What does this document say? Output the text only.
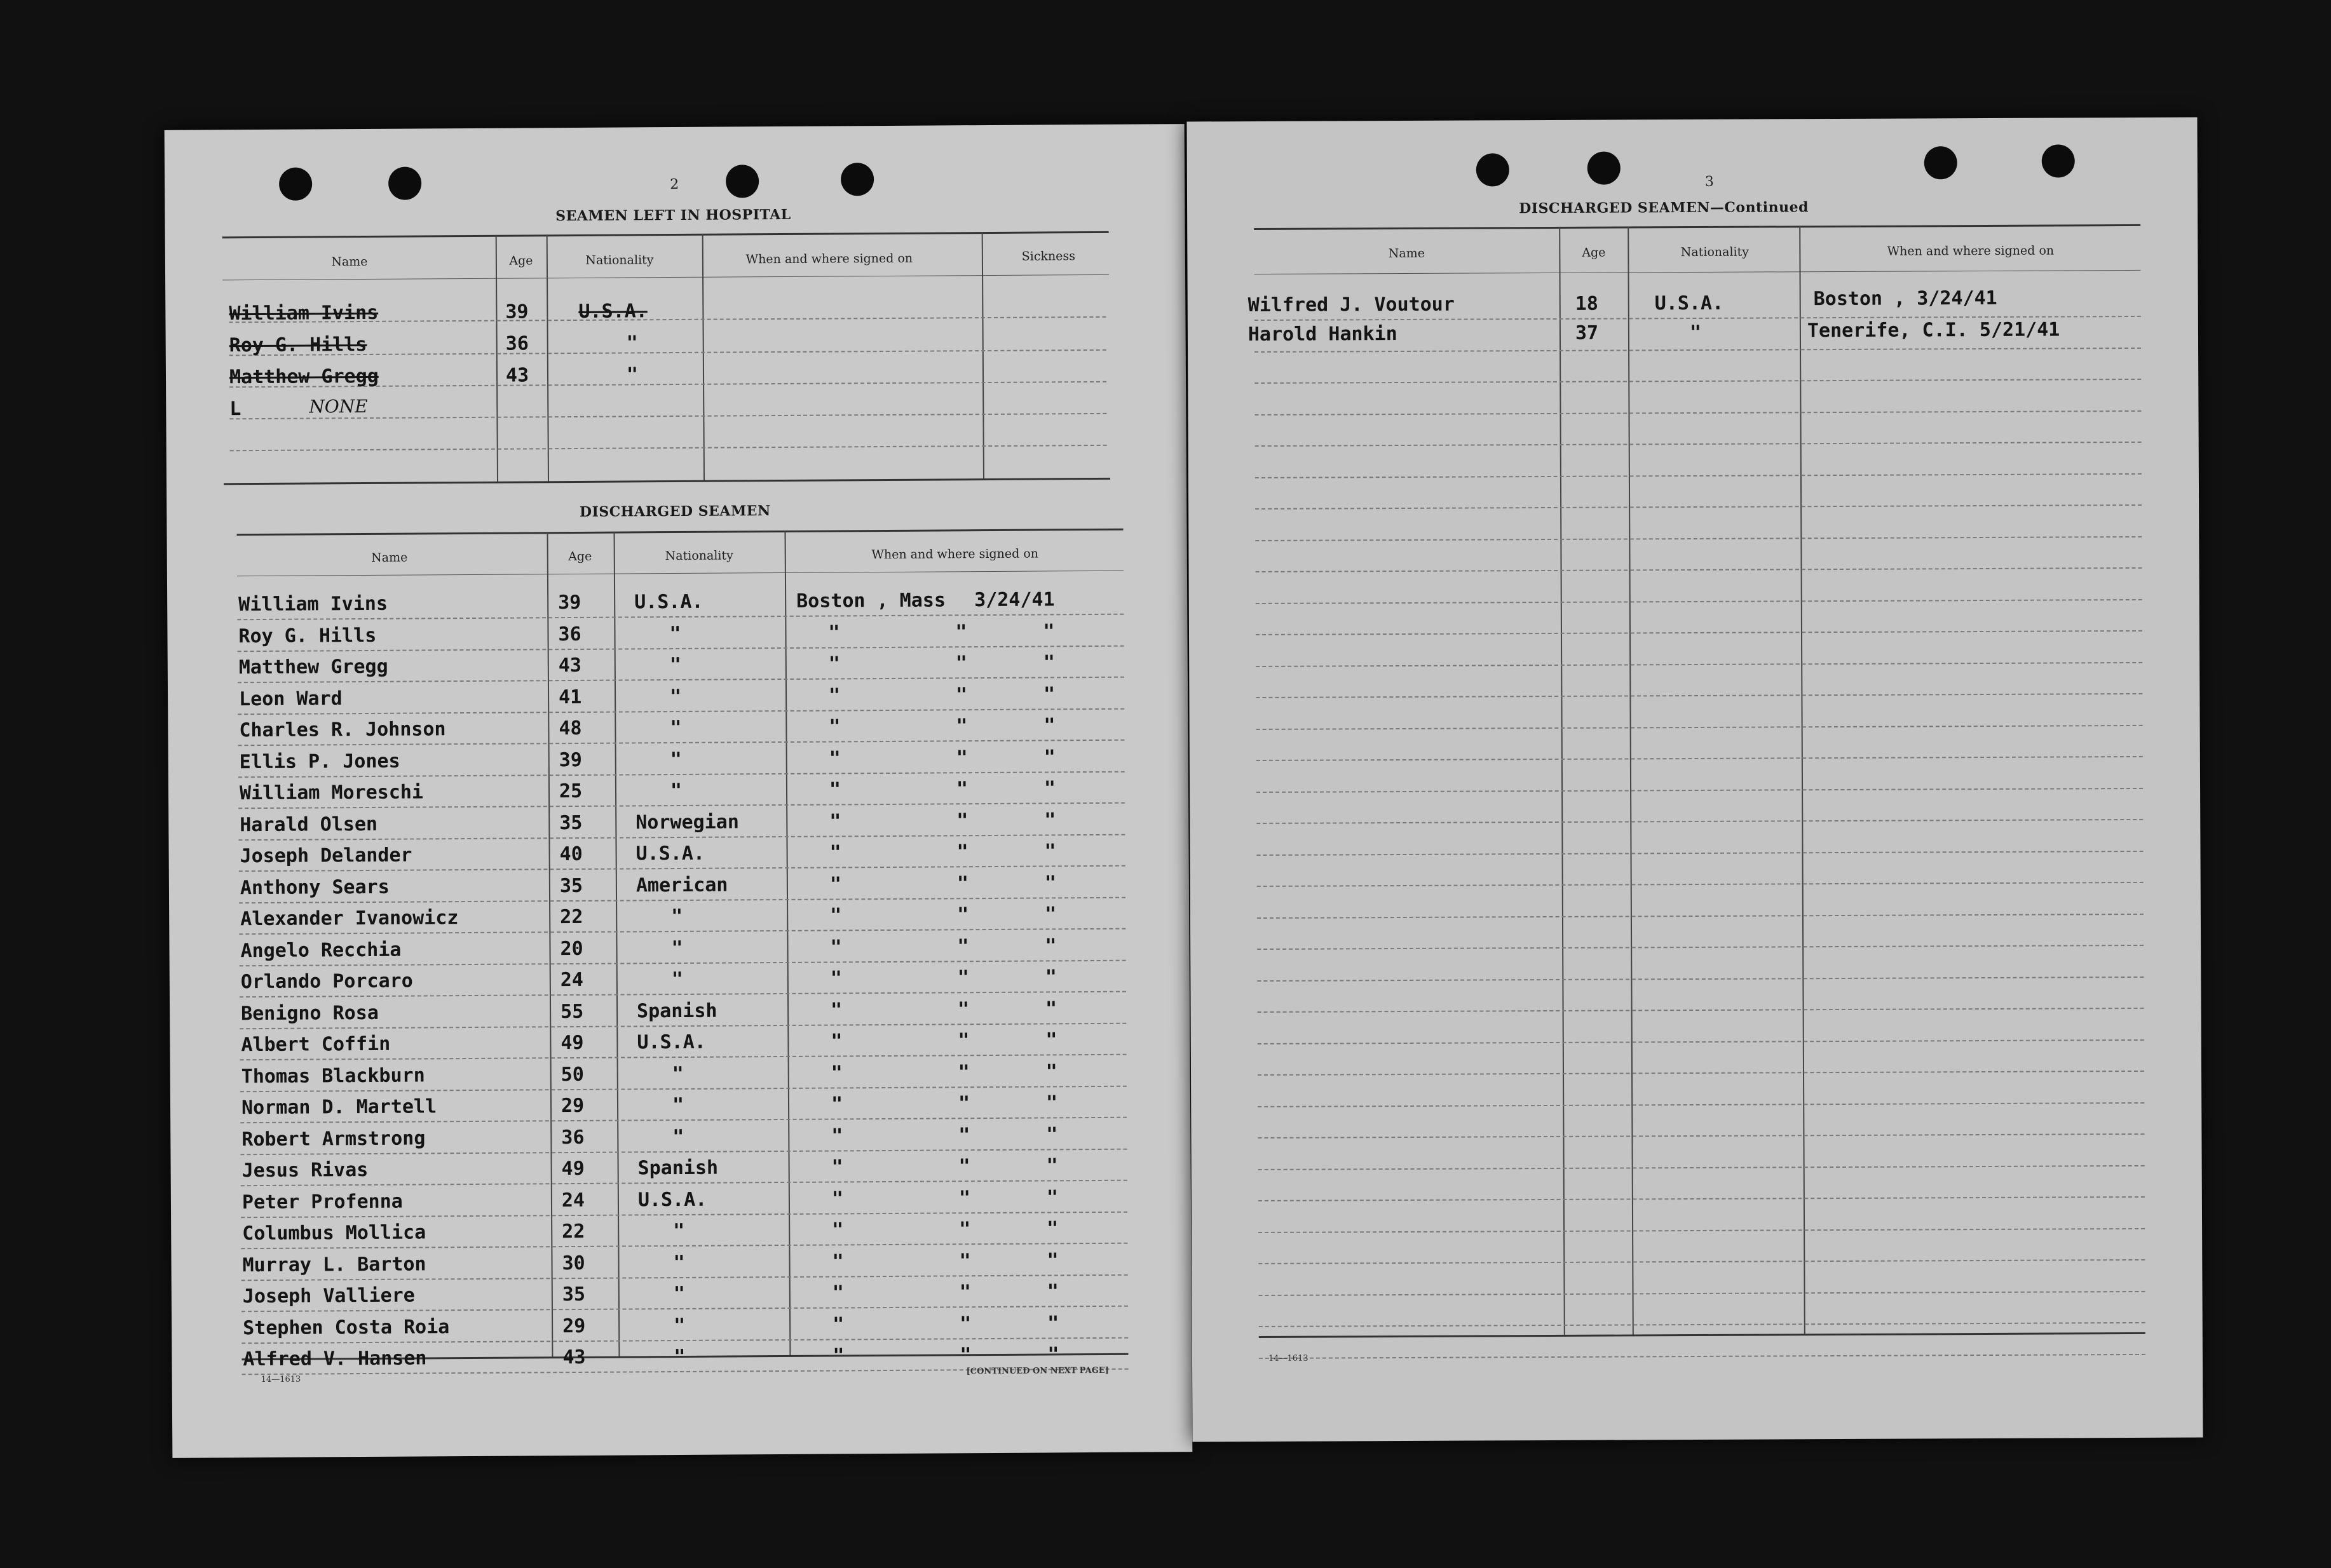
2
SEAMEN LEFT IN HOSPITAL
Name	Age	Nationality	When and where signed on	Sickness
William Ivins	39	U.S.A.
Roy G. Hills	36	"
Matthew Gregg	43	"
L	NONE
DISCHARGED SEAMEN
Name	Age	Nationality	When and where signed on
William Ivins	39	U.S.A.	Boston , Mass 3/24/41
Roy G. Hills	36	"	"	"	"
Matthew Gregg	43	"	"	"	"
Leon Ward	41	"	"	"	"
Charles R. Johnson	48	"	"	"	"
Ellis P. Jones	39	"	"	"	"
William Moreschi	25	"	"	"	"
Harald Olsen	35	Norwegian	"	"	"
Joseph Delander	40	U.S.A.	"	"	"
Anthony Sears	35	American	"	"	"
Alexander Ivanowicz	22	"	"	"	"
Angelo Recchia	20	"	"	"	"
Orlando Porcaro	24	"	"	"	"
Benigno Rosa	55	Spanish	"	"	"
Albert Coffin	49	U.S.A.	"	"	"
Thomas Blackburn	50	"	"	"	"
Norman D. Martell	29	"	"	"	"
Robert Armstrong	36	"	"	"	"
Jesus Rivas	49	Spanish	"	"	"
Peter Profenna	24	U.S.A.	"	"	"
Columbus Mollica	22	"	"	"	"
Murray L. Barton	30	"	"	"	"
Joseph Valliere	35	"	"	"	"
Stephen Costa Roia	29	"	"	"	"
Alfred V. Hansen	43	"	"	"	"
14—1613
[CONTINUED ON NEXT PAGE]
3
DISCHARGED SEAMEN—Continued
Name	Age	Nationality	When and where signed on
Wilfred J. Voutour	18	U.S.A.	Boston , 3/24/41
Harold Hankin	37	"	Tenerife, C.I. 5/21/41
14—1613
